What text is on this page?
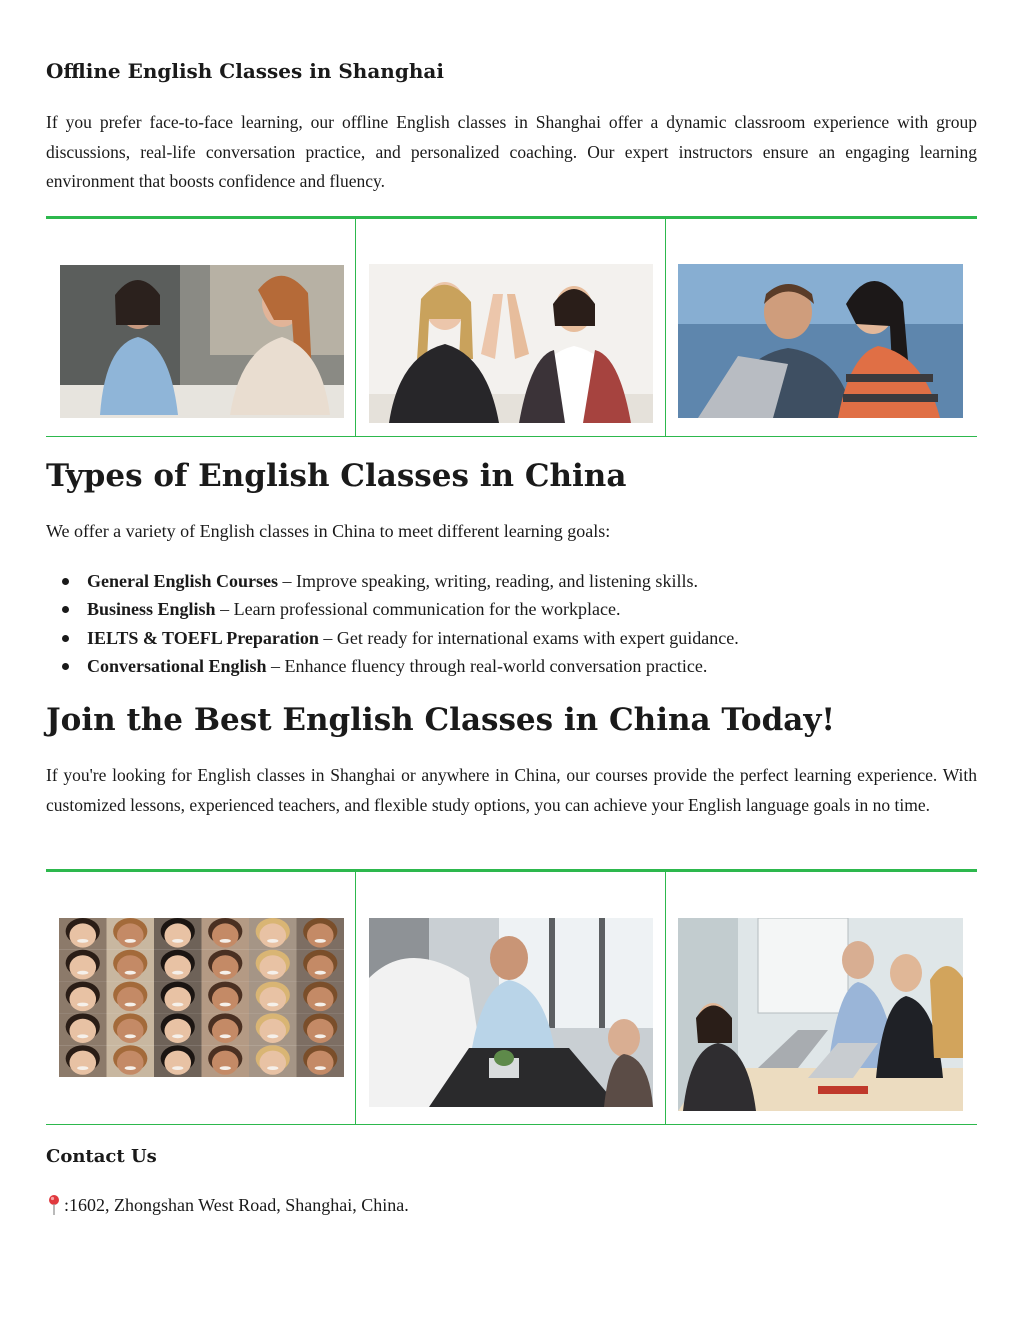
Offline English Classes in Shanghai

If you prefer face-to-face learning, our offline English classes in Shanghai offer a dynamic classroom experience with group discussions, real-life conversation practice, and personalized coaching. Our expert instructors ensure an engaging learning environment that boosts confidence and fluency.

Types of English Classes in China

We offer a variety of English classes in China to meet different learning goals:

General English Courses – Improve speaking, writing, reading, and listening skills.
Business English – Learn professional communication for the workplace.
IELTS & TOEFL Preparation – Get ready for international exams with expert guidance.
Conversational English – Enhance fluency through real-world conversation practice.
Join the Best English Classes in China Today!

If you're looking for English classes in Shanghai or anywhere in China, our courses provide the perfect learning experience. With customized lessons, experienced teachers, and flexible study options, you can achieve your English language goals in no time.

Contact Us

:1602, Zhongshan West Road, Shanghai, China.
